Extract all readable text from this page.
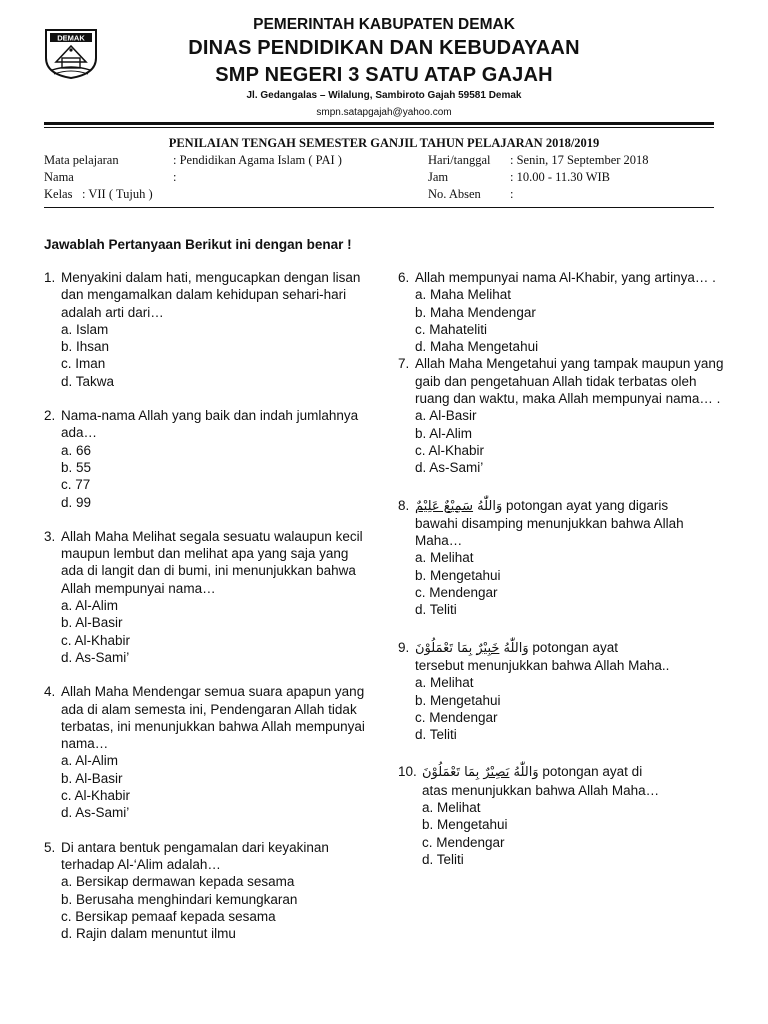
DEMAK
PEMERINTAH KABUPATEN DEMAK
DINAS PENDIDIKAN DAN KEBUDAYAAN
SMP NEGERI 3 SATU ATAP GAJAH
Jl. Gedangalas – Wilalung, Sambiroto Gajah 59581 Demak
smpn.satapgajah@yahoo.com
PENILAIAN TENGAH SEMESTER GANJIL TAHUN PELAJARAN 2018/2019
Mata pelajaran	: Pendidikan Agama Islam ( PAI )	Hari/tanggal : Senin, 17 September 2018
Nama	:	Jam	: 10.00 - 11.30 WIB
Kelas : VII ( Tujuh )	No. Absen :
Jawablah Pertanyaan Berikut ini dengan benar !
1. Menyakini dalam hati, mengucapkan dengan lisan dan mengamalkan dalam kehidupan sehari-hari adalah arti dari…
a. Islam
b. Ihsan
c. Iman
d. Takwa
2. Nama-nama Allah yang baik dan indah jumlahnya ada…
a. 66
b. 55
c. 77
d. 99
3. Allah Maha Melihat segala sesuatu walaupun kecil maupun lembut dan melihat apa yang saja yang ada di langit dan di bumi, ini menunjukkan bahwa Allah mempunyai nama…
a. Al-Alim
b. Al-Basir
c. Al-Khabir
d. As-Sami’
4. Allah Maha Mendengar semua suara apapun yang ada di alam semesta ini, Pendengaran Allah tidak terbatas, ini menunjukkan bahwa Allah mempunyai nama…
a. Al-Alim
b. Al-Basir
c. Al-Khabir
d. As-Sami’
5. Di antara bentuk pengamalan dari keyakinan terhadap Al-‘Alim adalah…
a. Bersikap dermawan kepada sesama
b. Berusaha menghindari kemungkaran
c. Bersikap pemaaf kepada sesama
d. Rajin dalam menuntut ilmu
6. Allah mempunyai nama Al-Khabir, yang artinya… .
a. Maha Melihat
b. Maha Mendengar
c. Mahateliti
d. Maha Mengetahui
7. Allah Maha Mengetahui yang tampak maupun yang gaib dan pengetahuan Allah tidak terbatas oleh ruang dan waktu, maka Allah mempunyai nama… .
a. Al-Basir
b. Al-Alim
c. Al-Khabir
d. As-Sami’
8.	وَاللّٰهُ سَمِيْعٌ عَلِيْمٌ potongan ayat yang digaris
bawahi disamping menunjukkan bahwa Allah Maha…
a. Melihat
b. Mengetahui
c. Mendengar
d. Teliti
9.	وَاللّٰهُ خَبِيْرٌ بِمَا تَعْمَلُوْنَ	potongan ayat
tersebut menunjukkan bahwa Allah Maha..
a. Melihat
b. Mengetahui
c. Mendengar
d. Teliti
10.	وَاللّٰهُ بَصِيْرٌ بِمَا تَعْمَلُوْنَ	potongan ayat di
atas menunjukkan bahwa Allah Maha…
a. Melihat
b. Mengetahui
c. Mendengar
d. Teliti
